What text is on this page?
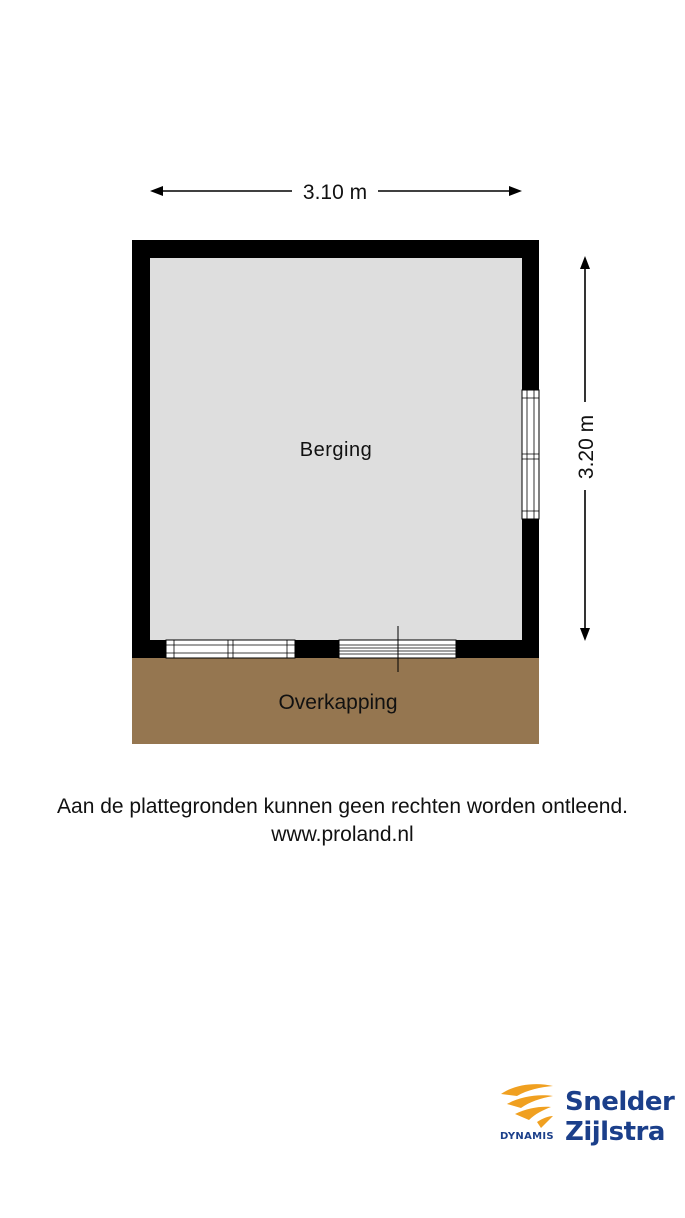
3.10 m
3.20 m
Berging
Overkapping
Aan de plattegronden kunnen geen rechten worden ontleend.
www.proland.nl
Snelder
Zijlstra
DYNAMIS
